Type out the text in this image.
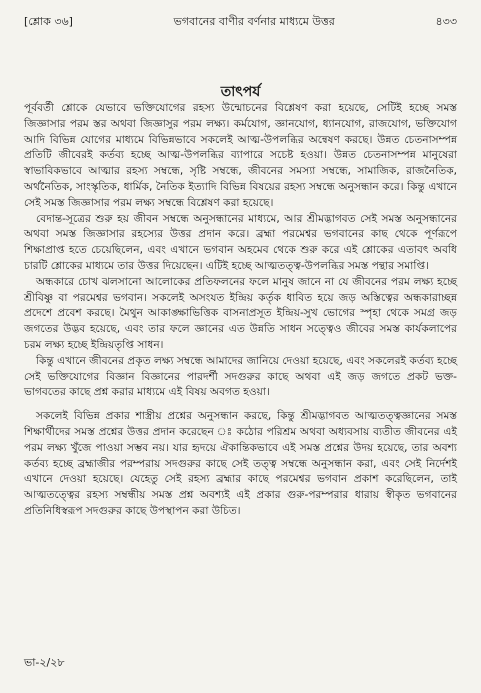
[শ্লোক ৩৬]	ভগবানের বাণীর বর্ণনার মাধ্যমে উত্তর	৪৩৩
তাৎপর্য

পূর্ববর্তী শ্লোকে যেভাবে ভক্তিযোগের রহস্য উন্মোচনের বিশ্লেষণ করা হয়েছে, সেটিই হচ্ছে সমস্ত জিজ্ঞাসার পরম স্তর অথবা জিজ্ঞাসুর পরম লক্ষ্য। কর্মযোগ, জ্ঞানযোগ, ধ্যানযোগ, রাজযোগ, ভক্তিযোগ আদি বিভিন্ন যোগের মাধ্যমে বিভিন্নভাবে সকলেই আত্ম-উপলব্ধির অন্বেষণ করছে। উন্নত চেতনাসম্পন্ন প্রতিটি জীবেরই কর্তব্য হচ্ছে আত্ম-উপলব্ধির ব্যাপারে সচেষ্ট হওয়া। উন্নত চেতনাসম্পন্ন মানুষেরা স্বাভাবিকভাবে আত্মার রহস্য সম্বন্ধে, সৃষ্টি সম্বন্ধে, জীবনের সমস্যা সম্বন্ধে, সামাজিক, রাজনৈতিক, অর্থনৈতিক, সাংস্কৃতিক, ধার্মিক, নৈতিক ইত্যাদি বিভিন্ন বিষয়ের রহস্য সম্বন্ধে অনুসন্ধান করে। কিন্তু এখানে সেই সমস্ত জিজ্ঞাসার পরম লক্ষ্য সম্বন্ধে বিশ্লেষণ করা হয়েছে।

বেদান্ত-সূত্রের শুরু হয় জীবন সম্বন্ধে অনুসন্ধানের মাধ্যমে, আর শ্রীমদ্ভাগবত সেই সমস্ত অনুসন্ধানের অথবা সমস্ত জিজ্ঞাসার রহস্যের উত্তর প্রদান করে। ব্রহ্মা পরমেশ্বর ভগবানের কাছ থেকে পূর্ণরূপে শিক্ষাপ্রাপ্ত হতে চেয়েছিলেন, এবং এখানে ভগবান অহমেব থেকে শুরু করে এই শ্লোকের এতাবৎ অবধি চারটি শ্লোকের মাধ্যমে তার উত্তর দিয়েছেন। এটিই হচ্ছে আত্মতত্ত্ব-উপলব্ধির সমস্ত পন্থার সমাপ্তি।

অন্ধকারে চোখ ঝলসানো আলোকের প্রতিফলনের ফলে মানুষ জানে না যে জীবনের পরম লক্ষ্য হচ্ছে শ্রীবিষ্ণু বা পরমেশ্বর ভগবান। সকলেই অসংযত ইন্দ্রিয় কর্তৃক ধাবিত হয়ে জড় অস্তিত্বের অন্ধকারাচ্ছন্ন প্রদেশে প্রবেশ করছে। মৈথুন আকাঙ্ক্ষাভিত্তিক বাসনাপ্রসূত ইন্দ্রিয়-সুখ ভোগের স্পৃহা থেকে সমগ্র জড় জগতের উদ্ভব হয়েছে, এবং তার ফলে জ্ঞানের এত উন্নতি সাধন সত্ত্বেও জীবের সমস্ত কার্যকলাপের চরম লক্ষ্য হচ্ছে ইন্দ্রিয়তৃপ্তি সাধন।

কিন্তু এখানে জীবনের প্রকৃত লক্ষ্য সম্বন্ধে আমাদের জানিয়ে দেওয়া হয়েছে, এবং সকলেরই কর্তব্য হচ্ছে সেই ভক্তিযোগের বিজ্ঞান বিজ্ঞানের পারদর্শী সদগুরুর কাছে অথবা এই জড় জগতে প্রকট ভক্ত-ভাগবতের কাছে প্রশ্ন করার মাধ্যমে এই বিষয় অবগত হওয়া।

সকলেই বিভিন্ন প্রকার শাস্ত্রীয় প্রশ্নের অনুসন্ধান করছে, কিন্তু শ্রীমদ্ভাগবত আত্মতত্ত্বজ্ঞানের সমস্ত শিক্ষার্থীদের সমস্ত প্রশ্নের উত্তর প্রদান করেছেন ঃ কঠোর পরিশ্রম অথবা অধ্যবসায় ব্যতীত জীবনের এই পরম লক্ষ্য খুঁজে পাওয়া সম্ভব নয়। যার হৃদয়ে ঐকান্তিকভাবে এই সমস্ত প্রশ্নের উদয় হয়েছে, তার অবশ্য কর্তব্য হচ্ছে ব্রহ্মাজীর পরম্পরায় সদগুরুর কাছে সেই তত্ত্ব সম্বন্ধে অনুসন্ধান করা, এবং সেই নির্দেশই এখানে দেওয়া হয়েছে। যেহেতু সেই রহস্য ব্রহ্মার কাছে পরমেশ্বর ভগবান প্রকাশ করেছিলেন, তাই আত্মতত্ত্বের রহস্য সম্বন্ধীয় সমস্ত প্রশ্ন অবশ্যই এই প্রকার গুরু-পরম্পরার ধারায় স্বীকৃত ভগবানের প্রতিনিধিস্বরূপ সদগুরুর কাছে উপস্থাপন করা উচিত।

ভা-২/২৮
